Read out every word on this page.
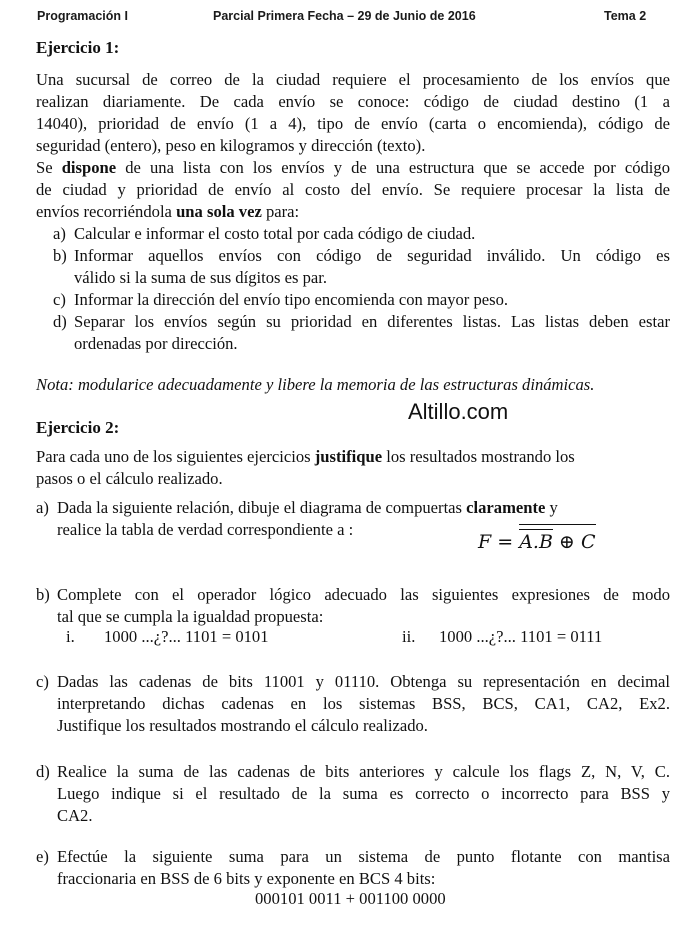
Programación I	Parcial Primera Fecha – 29 de Junio de 2016	Tema 2
Ejercicio 1:
Una sucursal de correo de la ciudad requiere el procesamiento de los envíos que
realizan diariamente. De cada envío se conoce: código de ciudad destino (1 a
14040), prioridad de envío (1 a 4), tipo de envío (carta o encomienda), código de
seguridad (entero), peso en kilogramos y dirección (texto).
Se dispone de una lista con los envíos y de una estructura que se accede por código
de ciudad y prioridad de envío al costo del envío. Se requiere procesar la lista de
envíos recorriéndola una sola vez para:
a) Calcular e informar el costo total por cada código de ciudad.
b) Informar aquellos envíos con código de seguridad inválido. Un código es
válido si la suma de sus dígitos es par.
c) Informar la dirección del envío tipo encomienda con mayor peso.
d) Separar los envíos según su prioridad en diferentes listas. Las listas deben estar
ordenadas por dirección.
Nota: modularice adecuadamente y libere la memoria de las estructuras dinámicas.
Altillo.com
Ejercicio 2:
Para cada uno de los siguientes ejercicios justifique los resultados mostrando los
pasos o el cálculo realizado.
a) Dada la siguiente relación, dibuje el diagrama de compuertas claramente y
realice la tabla de verdad correspondiente a :
F = A.B ⊕ C
b) Complete con el operador lógico adecuado las siguientes expresiones de modo
tal que se cumpla la igualdad propuesta:
i. 1000 ...¿?... 1101 = 0101	ii. 1000 ...¿?... 1101 = 0111
c) Dadas las cadenas de bits 11001 y 01110. Obtenga su representación en decimal
interpretando dichas cadenas en los sistemas BSS, BCS, CA1, CA2, Ex2.
Justifique los resultados mostrando el cálculo realizado.
d) Realice la suma de las cadenas de bits anteriores y calcule los flags Z, N, V, C.
Luego indique si el resultado de la suma es correcto o incorrecto para BSS y
CA2.
e) Efectúe la siguiente suma para un sistema de punto flotante con mantisa
fraccionaria en BSS de 6 bits y exponente en BCS 4 bits:
000101 0011 + 001100 0000
